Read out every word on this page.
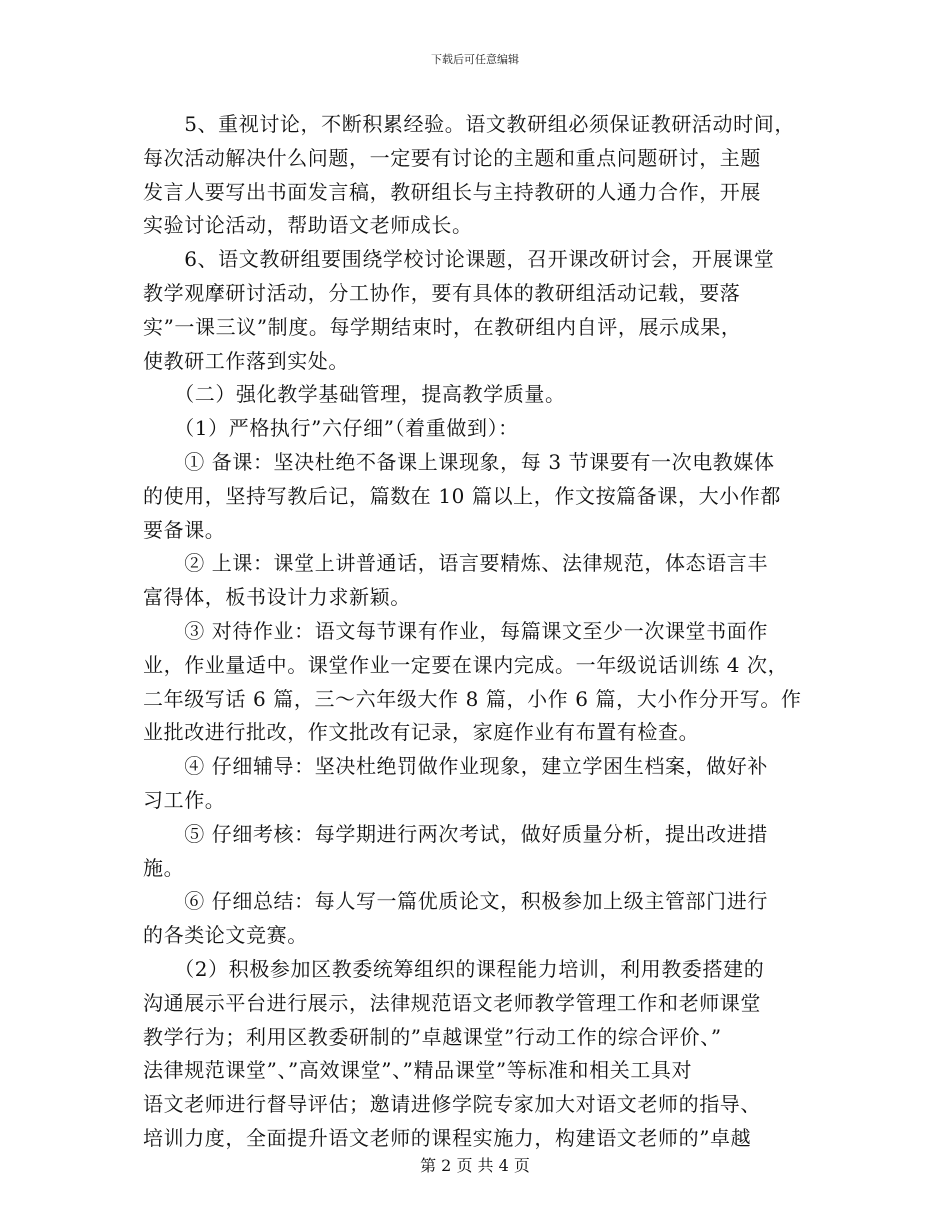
下载后可任意编辑

　　5、重视讨论，不断积累经验。语文教研组必须保证教研活动时间，
每次活动解决什么问题，一定要有讨论的主题和重点问题研讨，主题
发言人要写出书面发言稿，教研组长与主持教研的人通力合作，开展
实验讨论活动，帮助语文老师成长。

　　6、语文教研组要围绕学校讨论课题，召开课改研讨会，开展课堂
教学观摩研讨活动，分工协作，要有具体的教研组活动记载，要落
实”一课三议”制度。每学期结束时，在教研组内自评，展示成果，
使教研工作落到实处。

　　（二）强化教学基础管理，提高教学质量。

　　（1）严格执行”六仔细”（着重做到）：

　　① 备课：坚决杜绝不备课上课现象，每 3 节课要有一次电教媒体
的使用，坚持写教后记，篇数在 10 篇以上，作文按篇备课，大小作都
要备课。

　　② 上课：课堂上讲普通话，语言要精炼、法律规范，体态语言丰
富得体，板书设计力求新颖。

　　③ 对待作业：语文每节课有作业，每篇课文至少一次课堂书面作
业，作业量适中。课堂作业一定要在课内完成。一年级说话训练 4 次，
二年级写话 6 篇，三～六年级大作 8 篇，小作 6 篇，大小作分开写。作
业批改进行批改，作文批改有记录，家庭作业有布置有检查。

　　④ 仔细辅导：坚决杜绝罚做作业现象，建立学困生档案，做好补
习工作。

　　⑤ 仔细考核：每学期进行两次考试，做好质量分析，提出改进措
施。

　　⑥ 仔细总结：每人写一篇优质论文，积极参加上级主管部门进行
的各类论文竞赛。

　　（2）积极参加区教委统筹组织的课程能力培训，利用教委搭建的
沟通展示平台进行展示，法律规范语文老师教学管理工作和老师课堂
教学行为；利用区教委研制的”卓越课堂”行动工作的综合评价、”
法律规范课堂”、”高效课堂”、”精品课堂”等标准和相关工具对
语文老师进行督导评估；邀请进修学院专家加大对语文老师的指导、
培训力度，全面提升语文老师的课程实施力，构建语文老师的”卓越

第 2 页 共 4 页
